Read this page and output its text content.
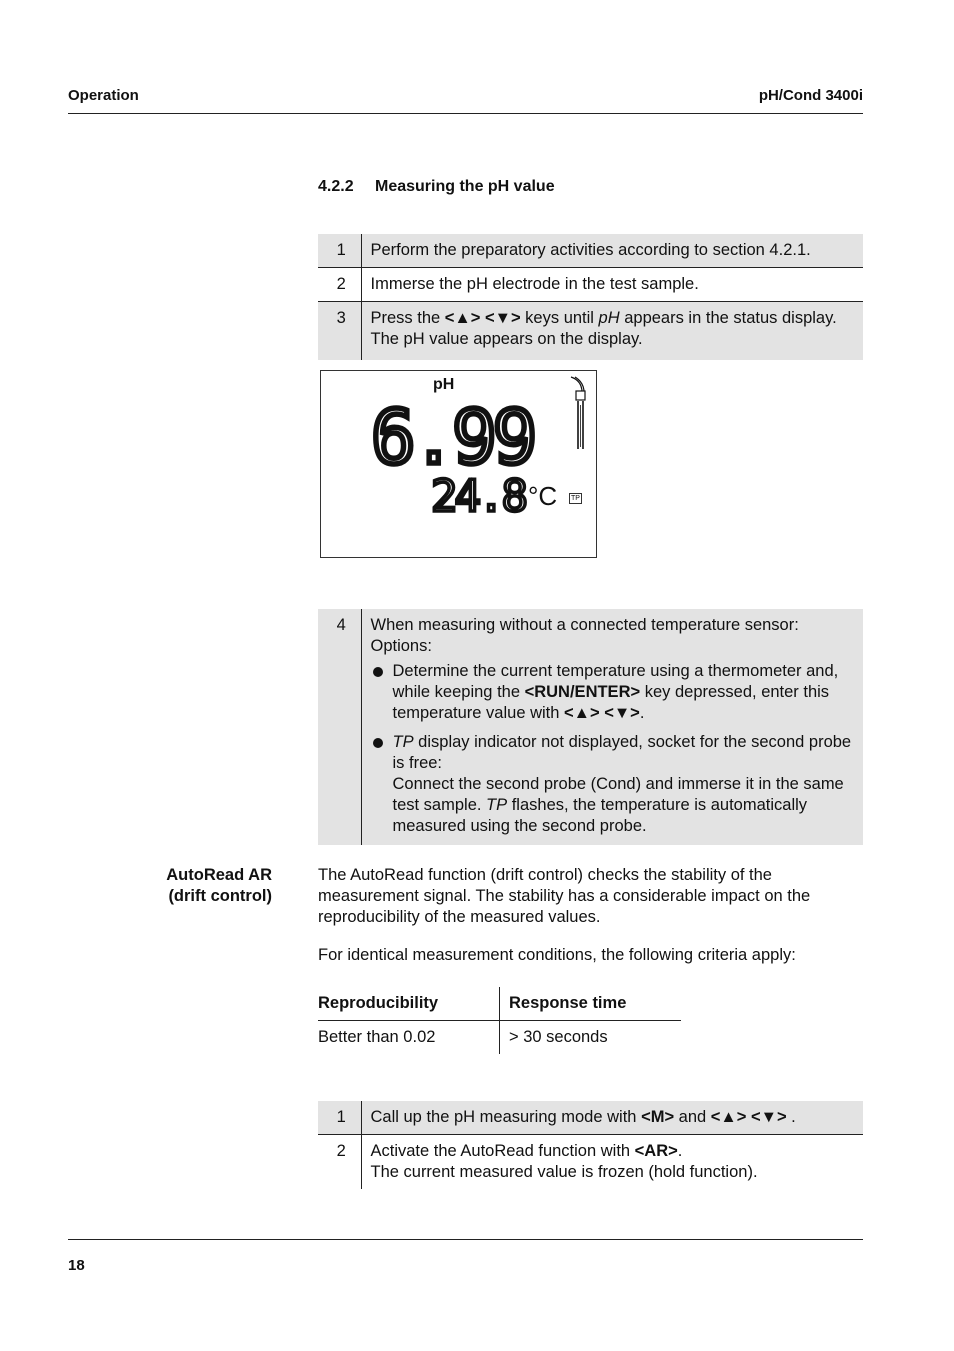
Operation	pH/Cond 3400i
4.2.2 Measuring the pH value
1	Perform the preparatory activities according to section 4.2.1.
2	Immerse the pH electrode in the test sample.
3	Press the <▲> <▼> keys until pH appears in the status display.
The pH value appears on the display.
pH
6.99
24.8 °C TP
4	When measuring without a connected temperature sensor:
Options:
Determine the current temperature using a thermometer and, while keeping the <RUN/ENTER> key depressed, enter this temperature value with <▲> <▼>.
TP display indicator not displayed, socket for the second probe is free:
Connect the second probe (Cond) and immerse it in the same test sample. TP flashes, the temperature is automatically measured using the second probe.
AutoRead AR
(drift control)
The AutoRead function (drift control) checks the stability of the measurement signal. The stability has a considerable impact on the reproducibility of the measured values.
For identical measurement conditions, the following criteria apply:
Reproducibility	Response time
Better than 0.02	> 30 seconds
1	Call up the pH measuring mode with <M> and <▲> <▼> .
2	Activate the AutoRead function with <AR>.
The current measured value is frozen (hold function).
18
